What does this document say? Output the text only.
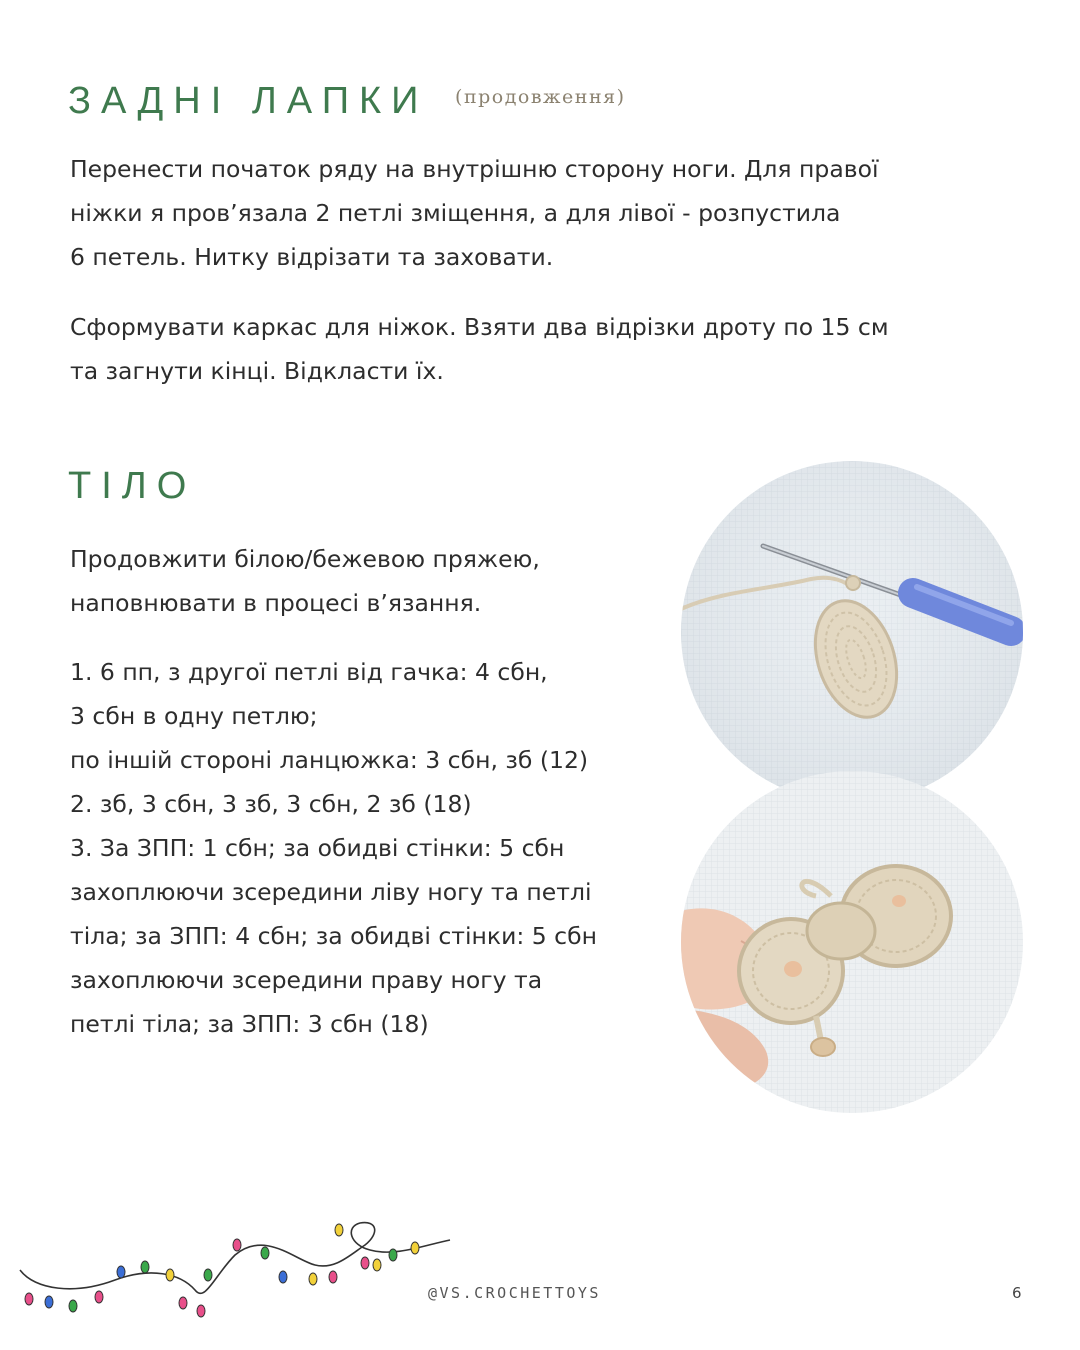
ЗАДНІ ЛАПКИ $^{(продовження)}$

Перенести початок ряду на внутрішню сторону ноги. Для правої
ніжки я пров’язала 2 петлі зміщення, а для лівої - розпустила
6 петель. Нитку відрізати та заховати.

Сформувати каркас для ніжок. Взяти два відрізки дроту по 15 см
та загнути кінці. Відкласти їх.

ТІЛО

Продовжити білою/бежевою пряжею,
наповнювати в процесі в’язання.

1. 6 пп, з другої петлі від гачка: 4 сбн,
3 сбн в одну петлю;
по іншій стороні ланцюжка: 3 сбн, зб (12)
2. зб, 3 сбн, 3 зб, 3 сбн, 2 зб (18)
3. За ЗПП: 1 сбн; за обидві стінки: 5 сбн
захоплюючи зсередини ліву ногу та петлі
тіла; за ЗПП: 4 сбн; за обидві стінки: 5 сбн
захоплюючи зсередини праву ногу та
петлі тіла; за ЗПП: 3 сбн (18)

@VS.CROCHETTOYS	6
